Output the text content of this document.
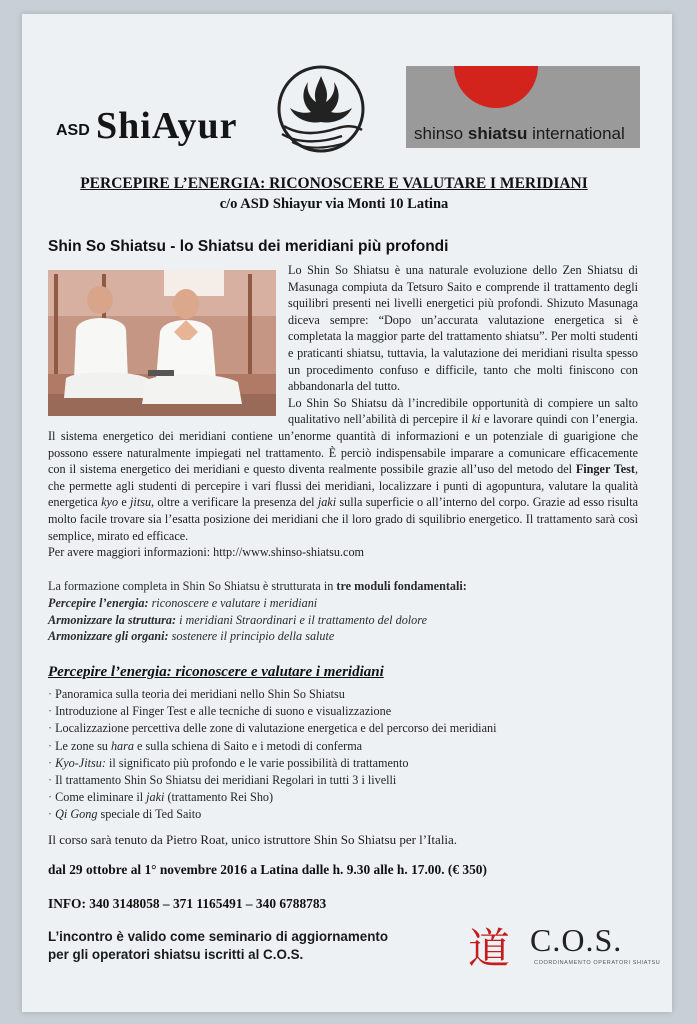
ASD ShiAyur	shinso shiatsu international
PERCEPIRE L’ENERGIA: RICONOSCERE E VALUTARE I MERIDIANI
c/o ASD Shiayur via Monti 10 Latina
Shin So Shiatsu - lo Shiatsu dei meridiani più profondi

Lo Shin So Shiatsu è una naturale evoluzione dello Zen Shiatsu di Masunaga compiuta da Tetsuro Saito e comprende il trattamento degli squilibri presenti nei livelli energetici più profondi. Shizuto Masunaga diceva sempre: “Dopo un’accurata valutazione energetica si è completata la maggior parte del trattamento shiatsu”. Per molti studenti e praticanti shiatsu, tuttavia, la valutazione dei meridiani risulta spesso un procedimento confuso e difficile, tanto che molti finiscono con abbandonarla del tutto.

Lo Shin So Shiatsu dà l’incredibile opportunità di compiere un salto qualitativo nell’abilità di percepire il ki e lavorare quindi con l’energia. Il sistema energetico dei meridiani contiene un’enorme quantità di informazioni e un potenziale di guarigione che possono essere naturalmente impiegati nel trattamento. È perciò indispensabile imparare a comunicare efficacemente con il sistema energetico dei meridiani e questo diventa realmente possibile grazie all’uso del metodo del Finger Test, che permette agli studenti di percepire i vari flussi dei meridiani, localizzare i punti di agopuntura, valutare la qualità energetica kyo e jitsu, oltre a verificare la presenza del jaki sulla superficie o all’interno del corpo. Grazie ad esso risulta molto facile trovare sia l’esatta posizione dei meridiani che il loro grado di squilibrio energetico. Il trattamento sarà così semplice, mirato ed efficace.

Per avere maggiori informazioni: http://www.shinso-shiatsu.com

La formazione completa in Shin So Shiatsu è strutturata in tre moduli fondamentali:
Percepire l’energia: riconoscere e valutare i meridiani
Armonizzare la struttura: i meridiani Straordinari e il trattamento del dolore
Armonizzare gli organi: sostenere il principio della salute
Percepire l’energia: riconoscere e valutare i meridiani
· Panoramica sulla teoria dei meridiani nello Shin So Shiatsu
· Introduzione al Finger Test e alle tecniche di suono e visualizzazione
· Localizzazione percettiva delle zone di valutazione energetica e del percorso dei meridiani
· Le zone su hara e sulla schiena di Saito e i metodi di conferma
· Kyo-Jitsu: il significato più profondo e le varie possibilità di trattamento
· Il trattamento Shin So Shiatsu dei meridiani Regolari in tutti 3 i livelli
· Come eliminare il jaki (trattamento Rei Sho)
· Qi Gong speciale di Ted Saito
Il corso sarà tenuto da Pietro Roat, unico istruttore Shin So Shiatsu per l’Italia.
dal 29 ottobre al 1° novembre 2016 a Latina dalle h. 9.30 alle h. 17.00. (€ 350)
INFO: 340 3148058 – 371 1165491 – 340 6788783
L’incontro è valido come seminario di aggiornamento
per gli operatori shiatsu iscritti al C.O.S.	道 C.O.S.
COORDINAMENTO OPERATORI SHIATSU
